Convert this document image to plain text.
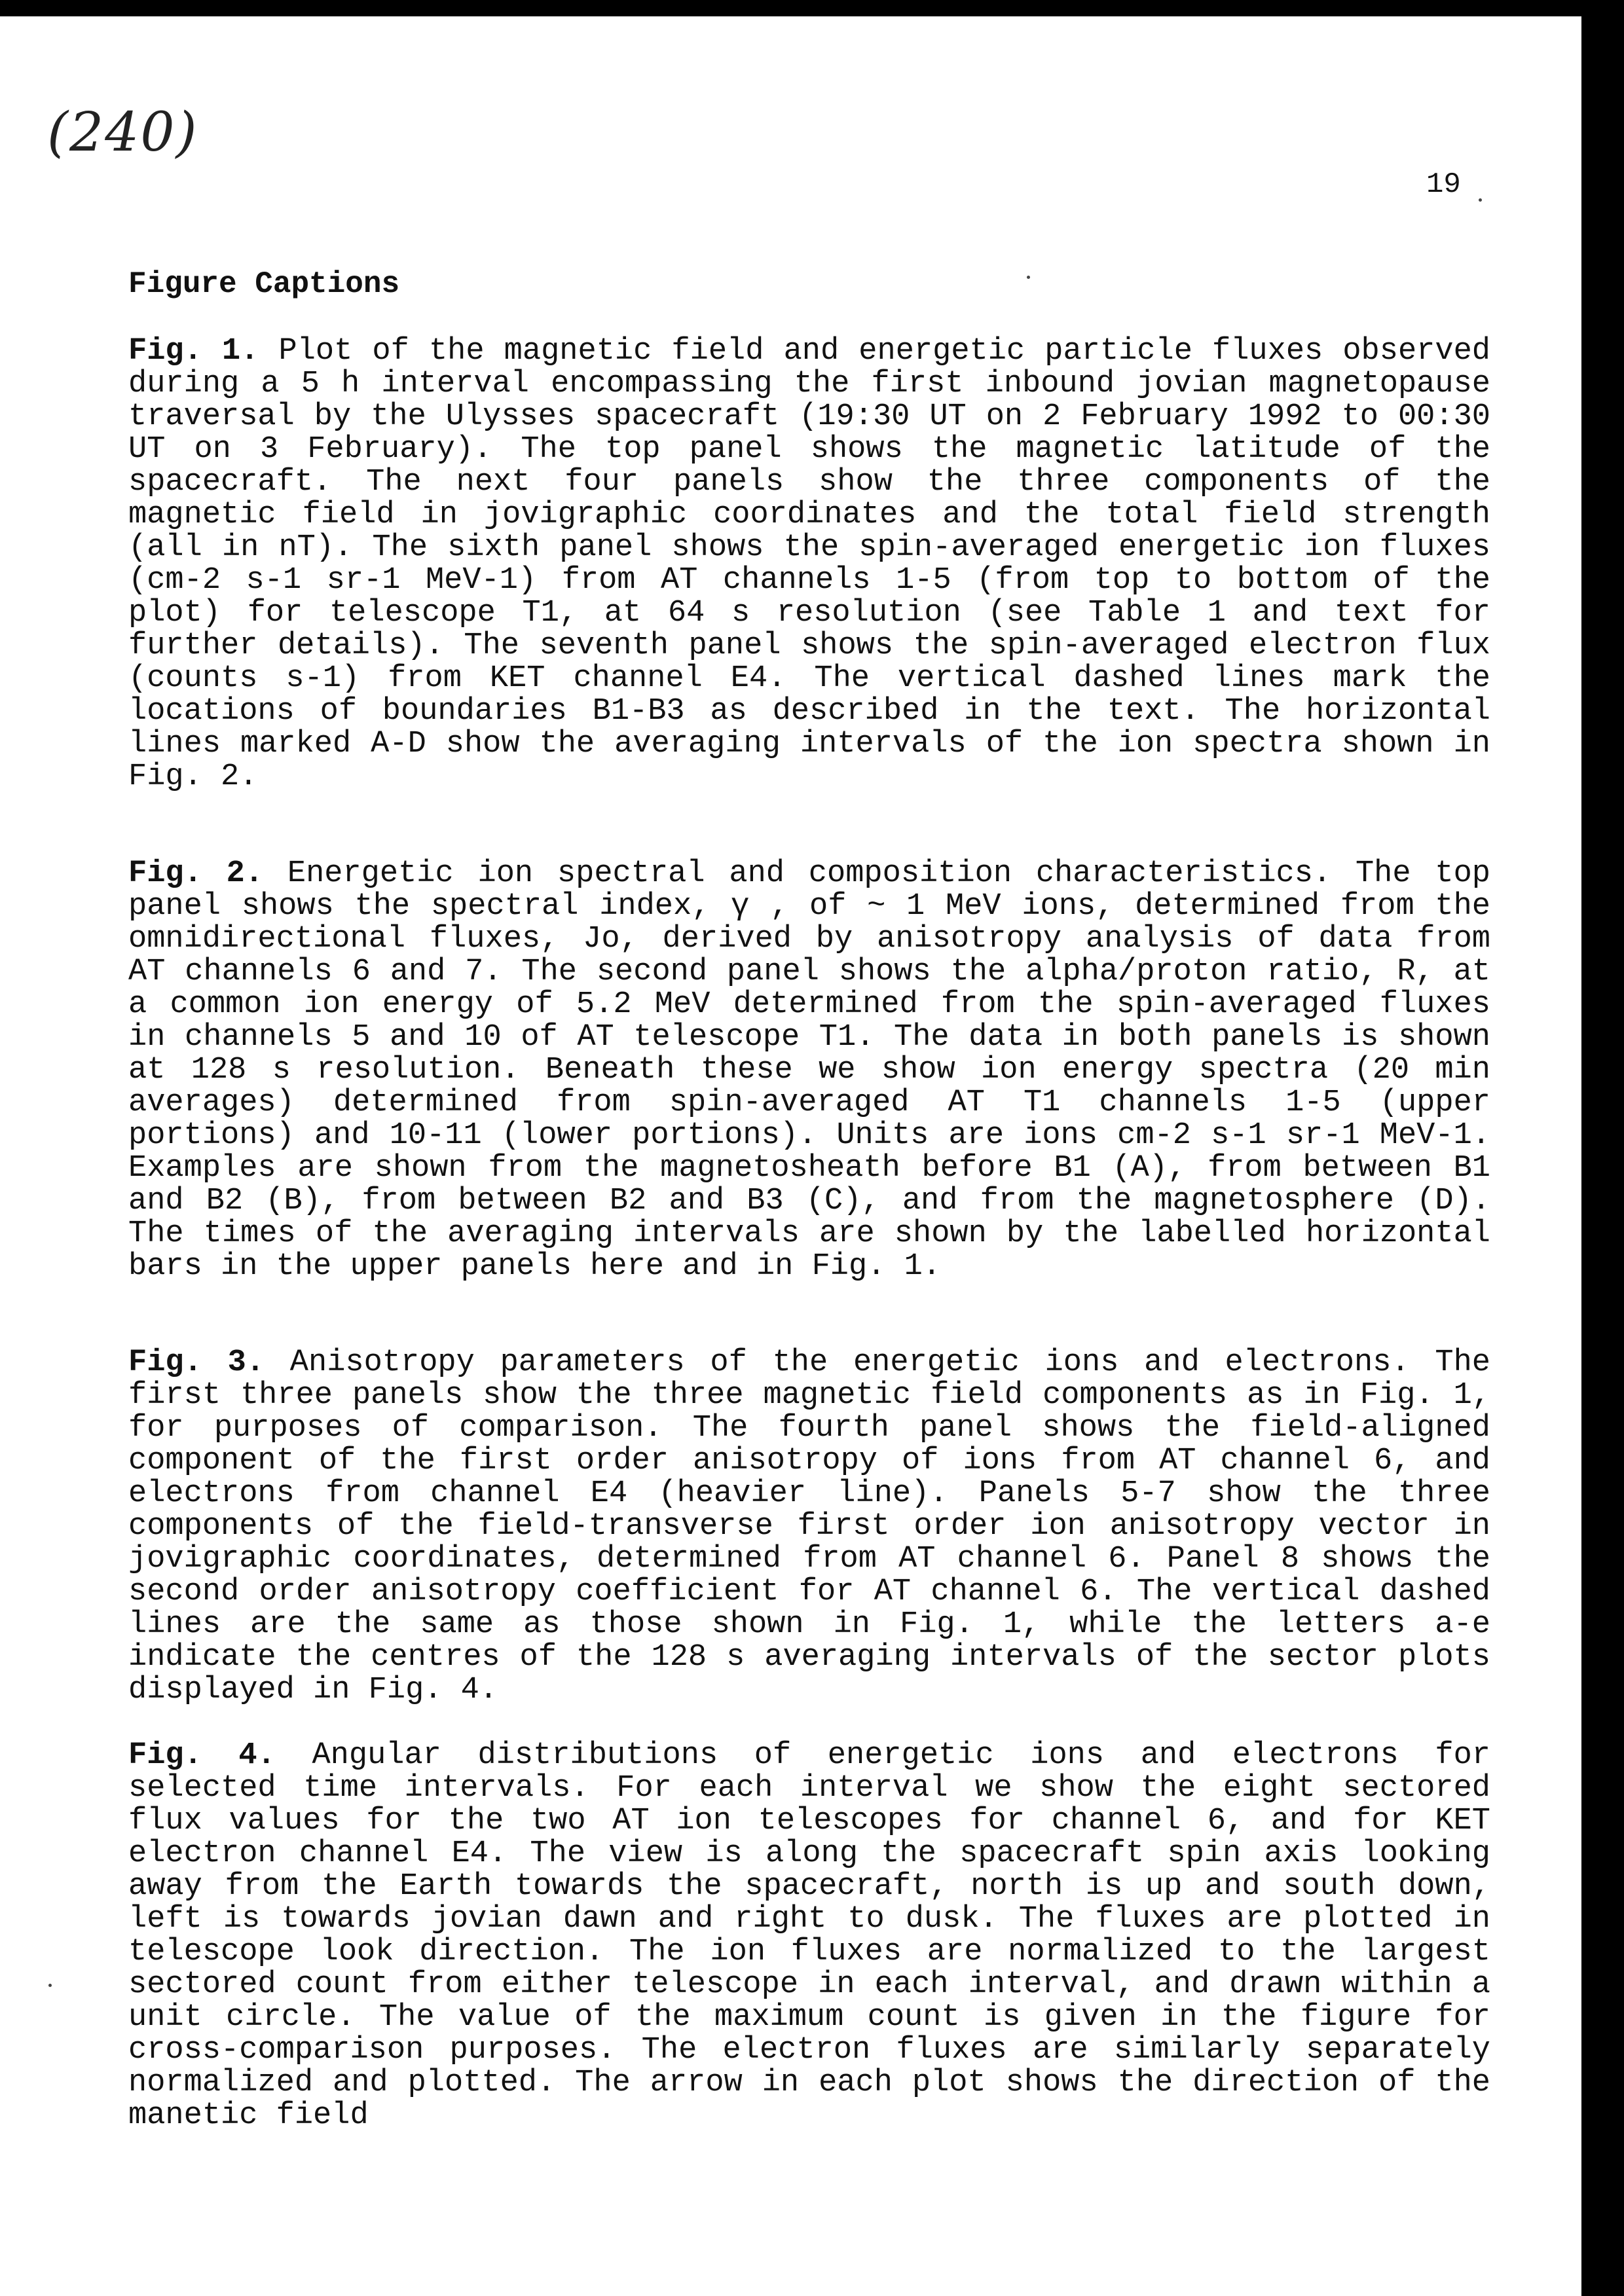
(240)
19
Figure Captions

Fig. 1. Plot of the magnetic field and energetic particle fluxes observed during a 5 h interval encompassing the first inbound jovian magnetopause traversal by the Ulysses spacecraft (19:30 UT on 2 February 1992 to 00:30 UT on 3 February). The top panel shows the magnetic latitude of the spacecraft. The next four panels show the three components of the magnetic field in jovigraphic coordinates and the total field strength (all in nT). The sixth panel shows the spin-averaged energetic ion fluxes (cm-2 s-1 sr-1 MeV-1) from AT channels 1-5 (from top to bottom of the plot) for telescope T1, at 64 s resolution (see Table 1 and text for further details). The seventh panel shows the spin-averaged electron flux (counts s-1) from KET channel E4. The vertical dashed lines mark the locations of boundaries B1-B3 as described in the text. The horizontal lines marked A-D show the averaging intervals of the ion spectra shown in Fig. 2.

Fig. 2. Energetic ion spectral and composition characteristics. The top panel shows the spectral index, γ , of ~ 1 MeV ions, determined from the omnidirectional fluxes, Jo, derived by anisotropy analysis of data from AT channels 6 and 7. The second panel shows the alpha/proton ratio, R, at a common ion energy of 5.2 MeV determined from the spin-averaged fluxes in channels 5 and 10 of AT telescope T1. The data in both panels is shown at 128 s resolution. Beneath these we show ion energy spectra (20 min averages) determined from spin-averaged AT T1 channels 1-5 (upper portions) and 10-11 (lower portions). Units are ions cm-2 s-1 sr-1 MeV-1. Examples are shown from the magnetosheath before B1 (A), from between B1 and B2 (B), from between B2 and B3 (C), and from the magnetosphere (D). The times of the averaging intervals are shown by the labelled horizontal bars in the upper panels here and in Fig. 1.

Fig. 3. Anisotropy parameters of the energetic ions and electrons. The first three panels show the three magnetic field components as in Fig. 1, for purposes of comparison. The fourth panel shows the field-aligned component of the first order anisotropy of ions from AT channel 6, and electrons from channel E4 (heavier line). Panels 5-7 show the three components of the field-transverse first order ion anisotropy vector in jovigraphic coordinates, determined from AT channel 6. Panel 8 shows the second order anisotropy coefficient for AT channel 6. The vertical dashed lines are the same as those shown in Fig. 1, while the letters a-e indicate the centres of the 128 s averaging intervals of the sector plots displayed in Fig. 4.

Fig. 4. Angular distributions of energetic ions and electrons for selected time intervals. For each interval we show the eight sectored flux values for the two AT ion telescopes for channel 6, and for KET electron channel E4. The view is along the spacecraft spin axis looking away from the Earth towards the spacecraft, north is up and south down, left is towards jovian dawn and right to dusk. The fluxes are plotted in telescope look direction. The ion fluxes are normalized to the largest sectored count from either telescope in each interval, and drawn within a unit circle. The value of the maximum count is given in the figure for cross-comparison purposes. The electron fluxes are similarly separately normalized and plotted. The arrow in each plot shows the direction of the manetic field
